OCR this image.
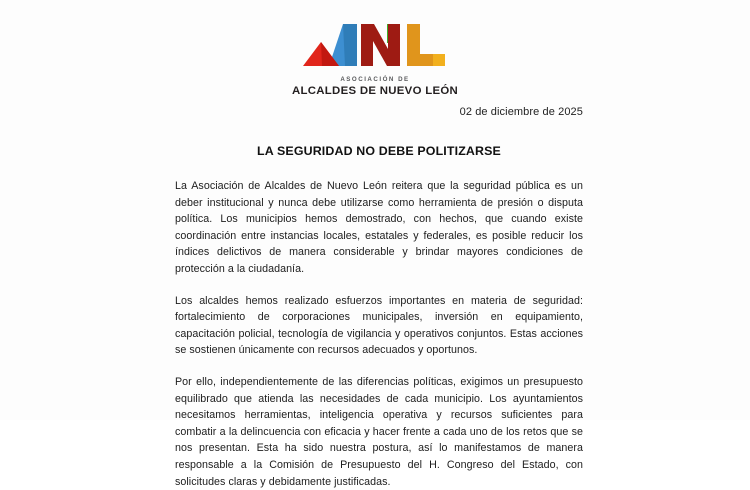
ASOCIACIÓN DE
ALCALDES DE NUEVO LEÓN

02 de diciembre de 2025

LA SEGURIDAD NO DEBE POLITIZARSE

La Asociación de Alcaldes de Nuevo León reitera que la seguridad pública es un deber institucional y nunca debe utilizarse como herramienta de presión o disputa política. Los municipios hemos demostrado, con hechos, que cuando existe coordinación entre instancias locales, estatales y federales, es posible reducir los índices delictivos de manera considerable y brindar mayores condiciones de protección a la ciudadanía.

Los alcaldes hemos realizado esfuerzos importantes en materia de seguridad: fortalecimiento de corporaciones municipales, inversión en equipamiento, capacitación policial, tecnología de vigilancia y operativos conjuntos. Estas acciones se sostienen únicamente con recursos adecuados y oportunos.

Por ello, independientemente de las diferencias políticas, exigimos un presupuesto equilibrado que atienda las necesidades de cada municipio. Los ayuntamientos necesitamos herramientas, inteligencia operativa y recursos suficientes para combatir a la delincuencia con eficacia y hacer frente a cada uno de los retos que se nos presentan. Esta ha sido nuestra postura, así lo manifestamos de manera responsable a la Comisión de Presupuesto del H. Congreso del Estado, con solicitudes claras y debidamente justificadas.
